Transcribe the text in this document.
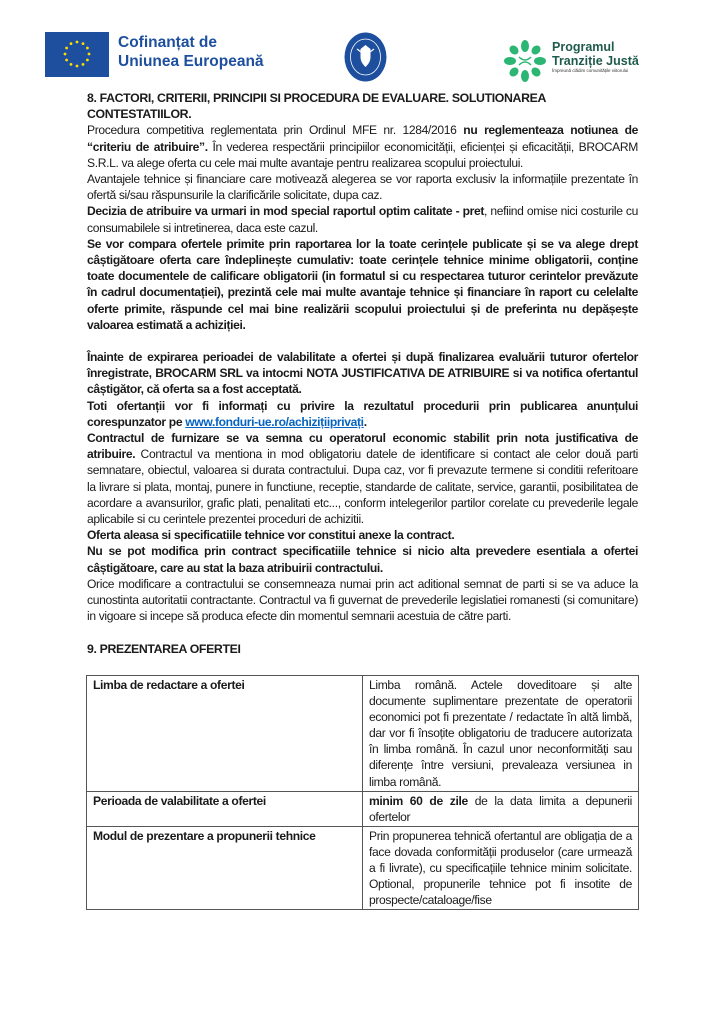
Cofinanțat de
Uniunea Europeană
Programul
Tranziție Justă
Împreună clădim comunitățile viitorului
8. FACTORI, CRITERII, PRINCIPII SI PROCEDURA DE EVALUARE. SOLUTIONAREA CONTESTATIILOR.

Procedura competitiva reglementata prin Ordinul MFE nr. 1284/2016 nu reglementeaza notiunea de “criteriu de atribuire”. În vederea respectării principiilor economicității, eficienței și eficacității, BROCARM S.R.L. va alege oferta cu cele mai multe avantaje pentru realizarea scopului proiectului.

Avantajele tehnice și financiare care motivează alegerea se vor raporta exclusiv la informațiile prezentate în ofertă si/sau răspunsurile la clarificările solicitate, dupa caz.

Decizia de atribuire va urmari in mod special raportul optim calitate - pret, nefiind omise nici costurile cu consumabilele si intretinerea, daca este cazul.

Se vor compara ofertele primite prin raportarea lor la toate cerințele publicate și se va alege drept câștigătoare oferta care îndeplinește cumulativ: toate cerințele tehnice minime obligatorii, conține toate documentele de calificare obligatorii (in formatul si cu respectarea tuturor cerintelor prevăzute în cadrul documentației), prezintă cele mai multe avantaje tehnice și financiare în raport cu celelalte oferte primite, răspunde cel mai bine realizării scopului proiectului și de preferinta nu depășește valoarea estimată a achiziției.

Înainte de expirarea perioadei de valabilitate a ofertei și după finalizarea evaluării tuturor ofertelor înregistrate, BROCARM SRL va intocmi NOTA JUSTIFICATIVA DE ATRIBUIRE si va notifica ofertantul câștigător, că oferta sa a fost acceptată.

Toti ofertanții vor fi informați cu privire la rezultatul procedurii prin publicarea anunțului corespunzator pe www.fonduri-ue.ro/achizițiiprivați.

Contractul de furnizare se va semna cu operatorul economic stabilit prin nota justificativa de atribuire. Contractul va mentiona in mod obligatoriu datele de identificare si contact ale celor două parti semnatare, obiectul, valoarea si durata contractului. Dupa caz, vor fi prevazute termene si conditii referitoare la livrare si plata, montaj, punere in functiune, receptie, standarde de calitate, service, garantii, posibilitatea de acordare a avansurilor, grafic plati, penalitati etc..., conform intelegerilor partilor corelate cu prevederile legale aplicabile si cu cerintele prezentei proceduri de achizitii.

Oferta aleasa si specificatiile tehnice vor constitui anexe la contract.

Nu se pot modifica prin contract specificatiile tehnice si nicio alta prevedere esentiala a ofertei câștigătoare, care au stat la baza atribuirii contractului.

Orice modificare a contractului se consemneaza numai prin act aditional semnat de parti si se va aduce la cunostinta autoritatii contractante. Contractul va fi guvernat de prevederile legislatiei romanesti (si comunitare) in vigoare si incepe să produca efecte din momentul semnarii acestuia de către parti.

9. PREZENTAREA OFERTEI
Limba de redactare a ofertei	Limba română. Actele doveditoare și alte documente suplimentare prezentate de operatorii economici pot fi prezentate / redactate în altă limbă, dar vor fi însoțite obligatoriu de traducere autorizata în limba română. În cazul unor neconformități sau diferențe între versiuni, prevaleaza versiunea in limba română.
Perioada de valabilitate a ofertei	minim 60 de zile de la data limita a depunerii ofertelor
Modul de prezentare a propunerii tehnice	Prin propunerea tehnică ofertantul are obligația de a face dovada conformității produselor (care urmează a fi livrate), cu specificațiile tehnice minim solicitate. Optional, propunerile tehnice pot fi insotite de prospecte/cataloage/fise
